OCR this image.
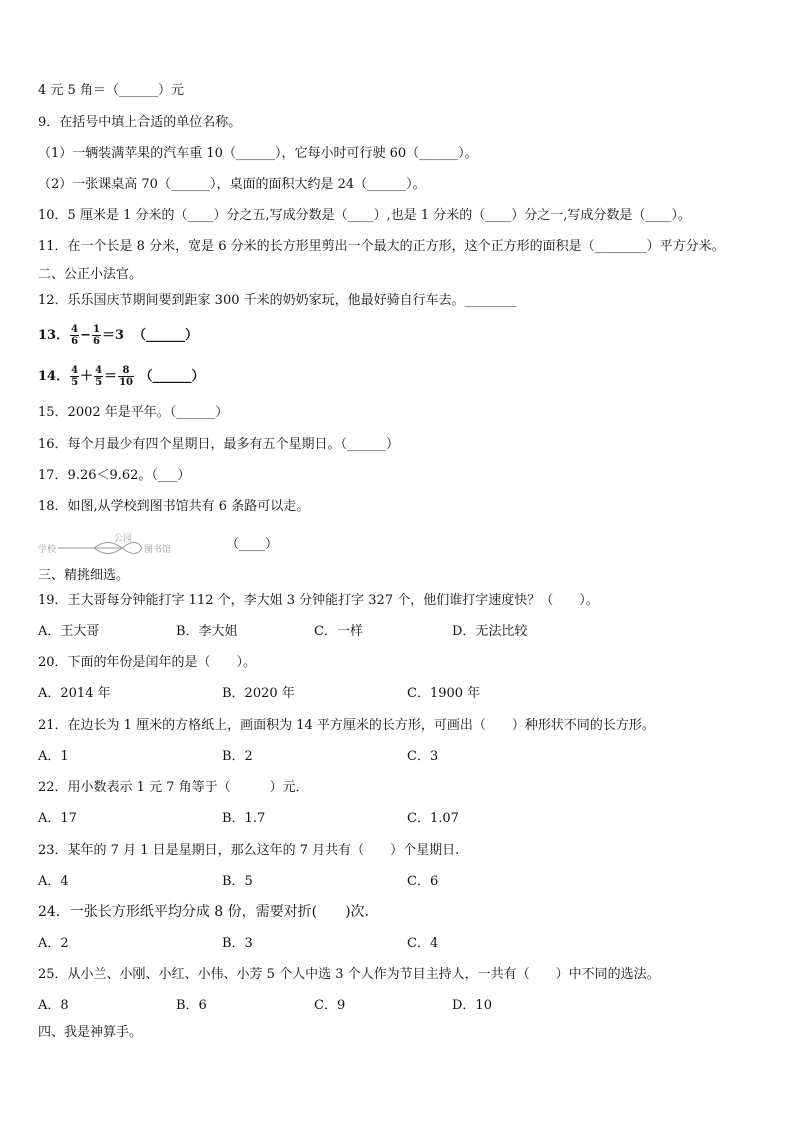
4 元 5 角＝（______）元
9．在括号中填上合适的单位名称。
（1）一辆装满苹果的汽车重 10（______），它每小时可行驶 60（______）。
（2）一张课桌高 70（______），桌面的面积大约是 24（______）。
10．5 厘米是 1 分米的（____）分之五,写成分数是（____）,也是 1 分米的（____）分之一,写成分数是（____）。
11．在一个长是 8 分米，宽是 6 分米的长方形里剪出一个最大的正方形，这个正方形的面积是（________）平方分米。
二、公正小法官。
12．乐乐国庆节期间要到距家 300 千米的奶奶家玩，他最好骑自行车去。________
13． $\frac{4}{6} - \frac{1}{6} =3$ （______）
14． $\frac{4}{5} + \frac{4}{5} = \frac{8}{10}$ （______）
15．2002 年是平年。（______）
16．每个月最少有四个星期日，最多有五个星期日。（______）
17．9.26＜9.62。（___）
18．如图,从学校到图书馆共有 6 条路可以走。
学校
公园
图书馆	（____）
三、精挑细选。
19．王大哥每分钟能打字 112 个，李大姐 3 分钟能打字 327 个，他们谁打字速度快？（　　）。
A．王大哥	B．李大姐	C．一样	D．无法比较
20．下面的年份是闰年的是（　　）。
A．2014 年	B．2020 年	C．1900 年
21．在边长为 1 厘米的方格纸上，画面积为 14 平方厘米的长方形，可画出（　　）种形状不同的长方形。
A．1	B．2	C．3
22．用小数表示 1 元 7 角等于（　　　）元．
A．17	B．1.7	C．1.07
23．某年的 7 月 1 日是星期日，那么这年的 7 月共有（　　）个星期日.
A．4	B．5	C．6
24．一张长方形纸平均分成 8 份，需要对折(　　)次.
A．2	B．3	C．4
25．从小兰、小刚、小红、小伟、小芳 5 个人中选 3 个人作为节目主持人，一共有（　　）中不同的选法。
A．8	B．6	C．9	D．10
四、我是神算手。
